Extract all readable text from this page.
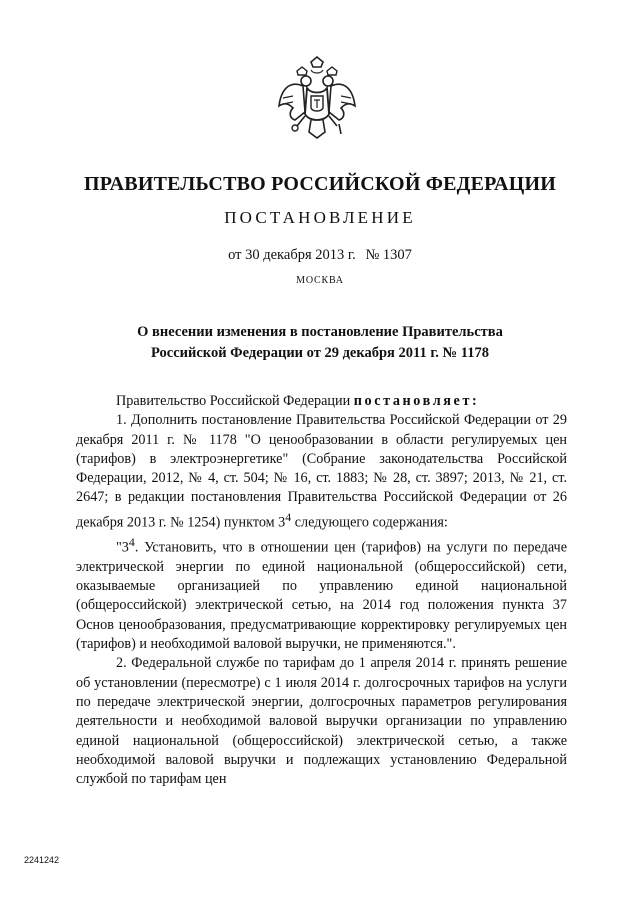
ПРАВИТЕЛЬСТВО РОССИЙСКОЙ ФЕДЕРАЦИИ
ПОСТАНОВЛЕНИЕ
от 30 декабря 2013 г. № 1307
МОСКВА
О внесении изменения в постановление Правительства
Российской Федерации от 29 декабря 2011 г. № 1178

Правительство Российской Федерации постановляет:

1. Дополнить постановление Правительства Российской Федерации от 29 декабря 2011 г. № 1178 "О ценообразовании в области регулируемых цен (тарифов) в электроэнергетике" (Собрание законодательства Российской Федерации, 2012, № 4, ст. 504; № 16, ст. 1883; № 28, ст. 3897; 2013, № 21, ст. 2647; в редакции постановления Правительства Российской Федерации от 26 декабря 2013 г. № 1254) пунктом $3^4$ следующего содержания:

"$3^4$. Установить, что в отношении цен (тарифов) на услуги по передаче электрической энергии по единой национальной (общероссийской) сети, оказываемые организацией по управлению единой национальной (общероссийской) электрической сетью, на 2014 год положения пункта 37 Основ ценообразования, предусматривающие корректировку регулируемых цен (тарифов) и необходимой валовой выручки, не применяются.".

2. Федеральной службе по тарифам до 1 апреля 2014 г. принять решение об установлении (пересмотре) с 1 июля 2014 г. долгосрочных тарифов на услуги по передаче электрической энергии, долгосрочных параметров регулирования деятельности и необходимой валовой выручки организации по управлению единой национальной (общероссийской) электрической сетью, а также необходимой валовой выручки и подлежащих установлению Федеральной службой по тарифам цен

2241242
